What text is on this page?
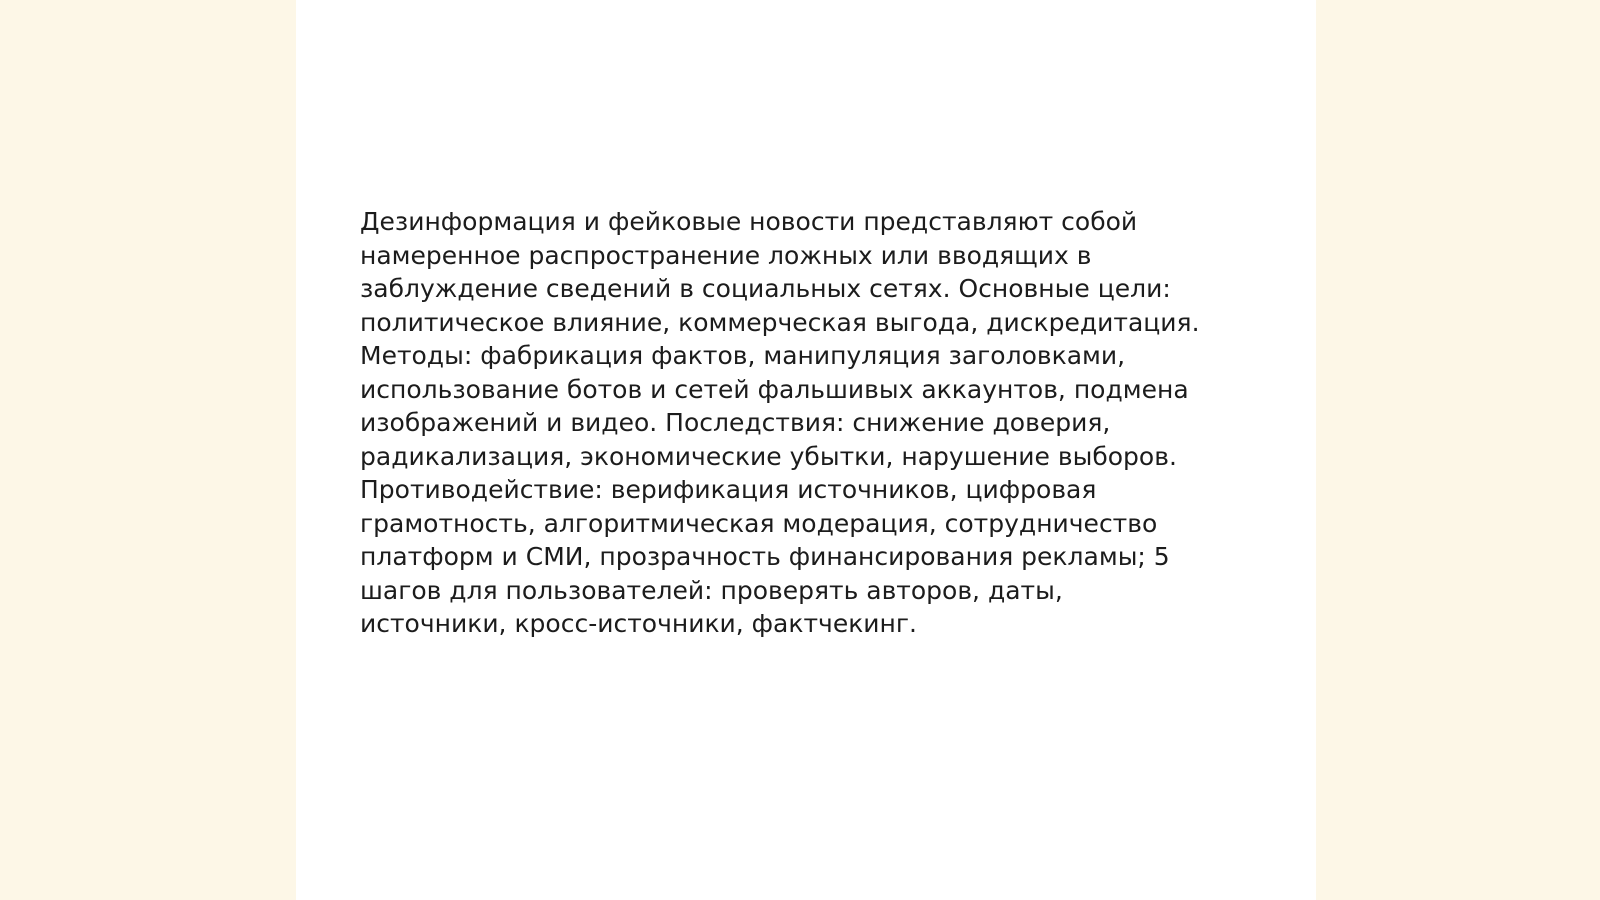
Дезинформация и фейковые новости представляют собой
намеренное распространение ложных или вводящих в
заблуждение сведений в социальных сетях. Основные цели:
политическое влияние, коммерческая выгода, дискредитация.
Методы: фабрикация фактов, манипуляция заголовками,
использование ботов и сетей фальшивых аккаунтов, подмена
изображений и видео. Последствия: снижение доверия,
радикализация, экономические убытки, нарушение выборов.
Противодействие: верификация источников, цифровая
грамотность, алгоритмическая модерация, сотрудничество
платформ и СМИ, прозрачность финансирования рекламы; 5
шагов для пользователей: проверять авторов, даты,
источники, кросс-источники, фактчекинг.
